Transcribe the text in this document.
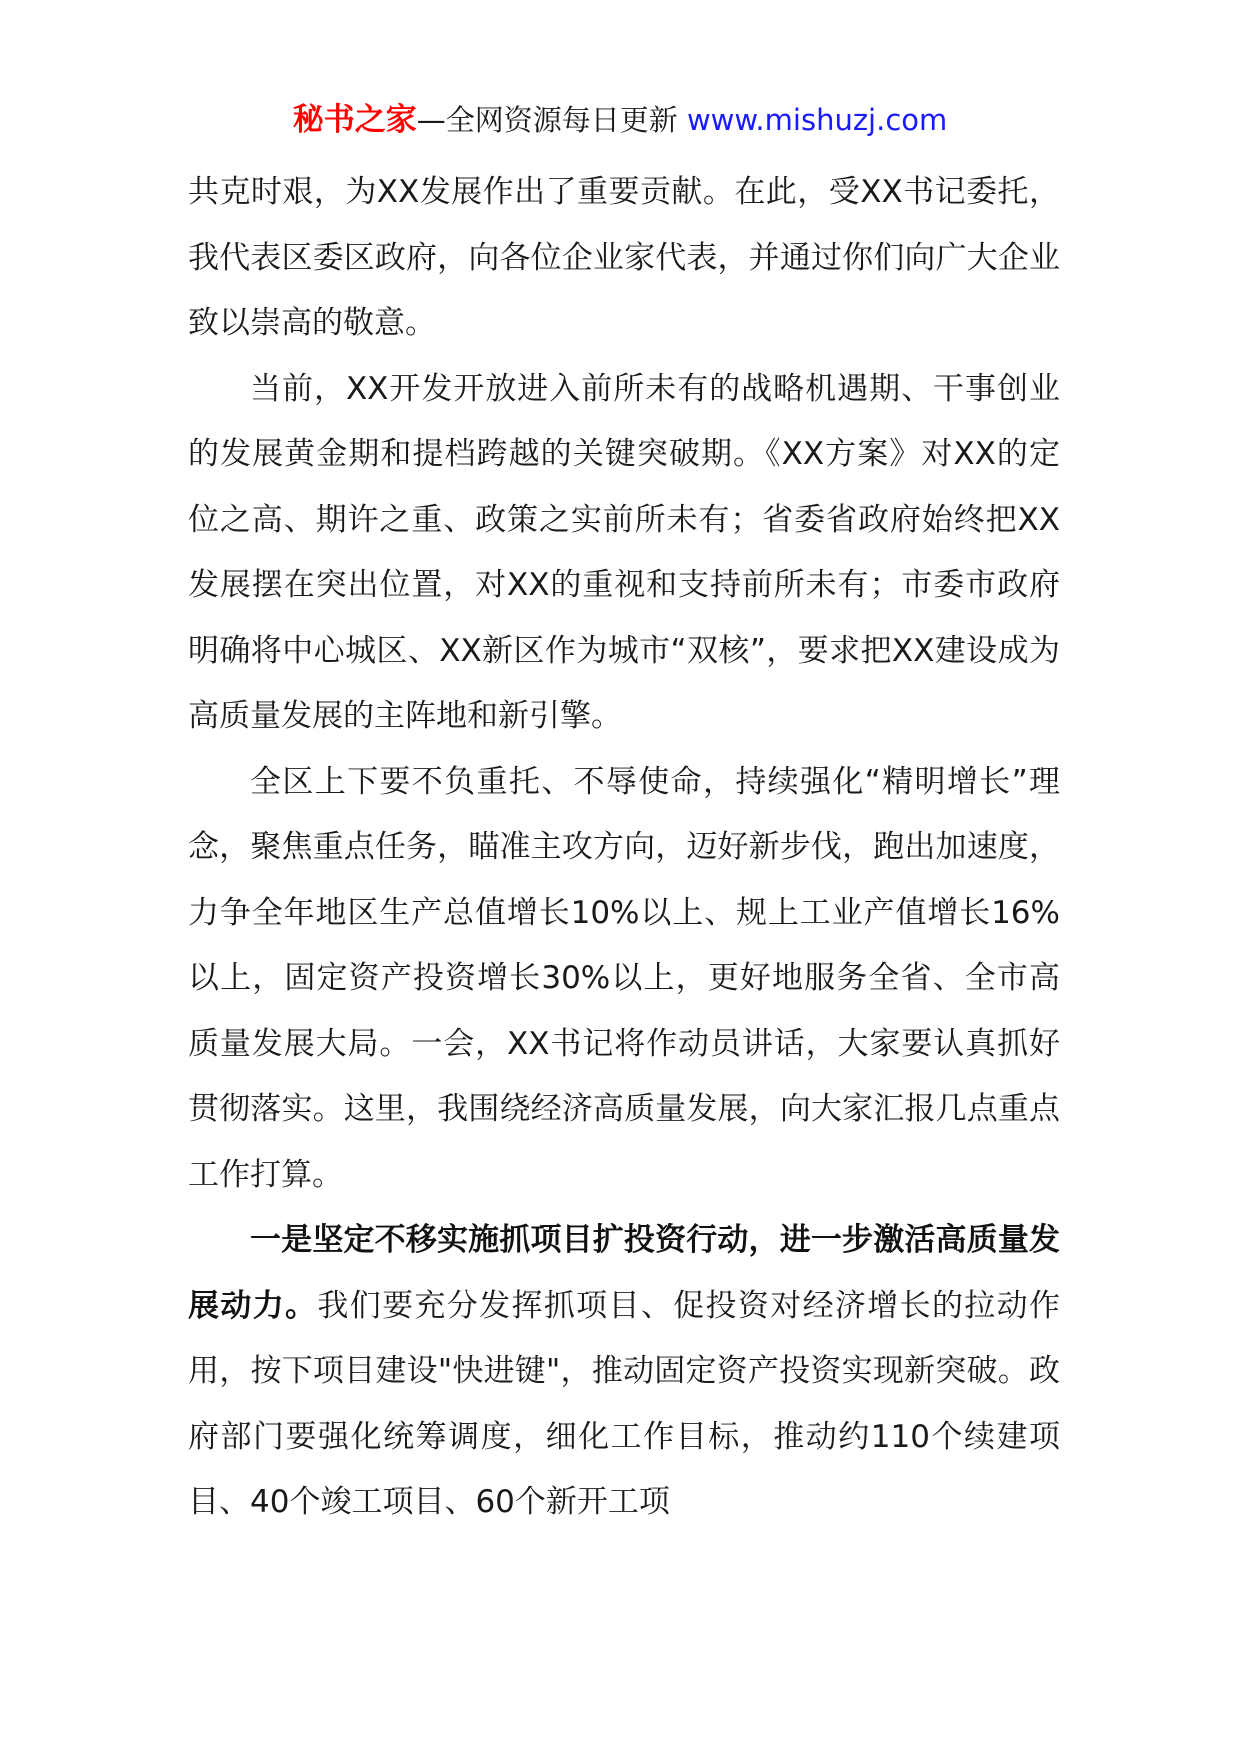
秘书之家—全网资源每日更新 www.mishuzj.com

共克时艰，为XX发展作出了重要贡献。在此，受XX书记委托，我代表区委区政府，向各位企业家代表，并通过你们向广大企业致以崇高的敬意。

当前，XX开发开放进入前所未有的战略机遇期、干事创业的发展黄金期和提档跨越的关键突破期。《XX方案》对XX的定位之高、期许之重、政策之实前所未有；省委省政府始终把XX发展摆在突出位置，对XX的重视和支持前所未有；市委市政府明确将中心城区、XX新区作为城市“双核”，要求把XX建设成为高质量发展的主阵地和新引擎。

全区上下要不负重托、不辱使命，持续强化“精明增长”理念，聚焦重点任务，瞄准主攻方向，迈好新步伐，跑出加速度，力争全年地区生产总值增长10%以上、规上工业产值增长16%以上，固定资产投资增长30%以上，更好地服务全省、全市高质量发展大局。一会，XX书记将作动员讲话，大家要认真抓好贯彻落实。这里，我围绕经济高质量发展，向大家汇报几点重点工作打算。

一是坚定不移实施抓项目扩投资行动，进一步激活高质量发展动力。我们要充分发挥抓项目、促投资对经济增长的拉动作用，按下项目建设"快进键"，推动固定资产投资实现新突破。政府部门要强化统筹调度，细化工作目标，推动约110个续建项目、40个竣工项目、60个新开工项
